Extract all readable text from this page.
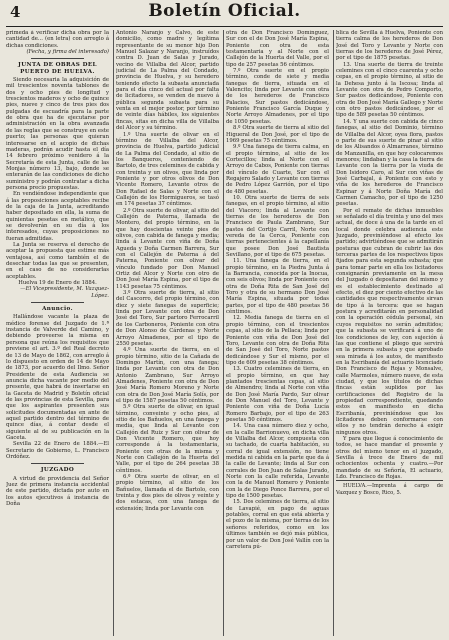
4	Boletín Oficial.

primeda á verificar dicha obra por la cantidad de... (en letra) con arreglo á dichas condiciones.

(Fecha, y firma del interesado)

JUNTA DE OBRAS DEL PUERTO DE HUELVA.

Siendo necesaria la adquisición de mil trescientos noventa tablones de dos y ocho pies de longitud y trescientos maderos y ocho de quince pies, nueve y cinco de tres pies dos pulgadas de escuadría para la parte de obra que ha de ejecutarse por administración en la obra avanzada de las reglas que se construye en este puerto; las personas que quieran interesarse en el acopio de dichas maderas, podrán acudir hasta el día 14 febrero próximo venidero á la Secretaría de esta Junta, calle de las Monjas número 13, bajo, donde se enterarán de las condiciones de dicho suministro y podrán contratar a dicha persona precio propuestas.

En vendiéndose independiente que á las proposiciones aceptables recibe de la caja de la Junta, acreditando haber depositado en ella, la suma de quinientas pesetas en metálico, que se devolverán en su día á los interesados, cuyas proposiciones no fueran admitidas.

La Junta se reserva el derecho de aceptar la propuesta que estime más ventajosa, así como también el de desechar todas las que se presenten, en el caso de no considerarlas aceptables.

Huelva 19 de Enero de 1884.

—El Vicepresidente, M. Vazquez-López.

Anuncio.

Hallándose vacante la plaza de médico forense del Juzgado de 1.ª instancia de Valverde del Camino, y debiendo proveerse la misma en persona que reúna los requisitos que previene el art. 3.º del Real decreto de 13 de Mayo de 1862, con arreglo á lo dispuesto en orden de 14 de Mayo de 1873, por acuerdo del Ilmo. Señor Presidente de esta Audiencia se anuncia dicha vacante por medio del presente, que habrá de insertarse en la Gaceta de Madrid y Boletín oficial de las provincias de esta Sevilla, para que los aspirantes presenten sus solicitudes documentadas en ante de aquel partido dentro del término de quince días, á contar desde el siguiente al de su publicación en la Gaceta.

Sevilla 22 de Enero de 1884.—El Secretario de Gobierno, L. Francisco Ordóñez.

JUZGADO

A virtud de providencia del Señor Juez de primera instancia accidental de este partido, dictada por auto en los autos ejecutivos á instancia de Doña

Antonio Naranjo y Calvo, de este domicilio, como madre y legítima representante de su menor hijo Don Manuel Salazar y Naranjo, instruídos contra D. Juan de Salas y Jurado, vecino de Villalba del Alcor, partido judicial de La Palma del Condado, provincia de Huelva, y su heredero teniendo efecto la subasta anunciada para el día cinco del actual por falta de licitadores, se venden de nuevo á pública segunda subasta para su venta en el mejor postor, por término de veinte días hábiles, los siguientes fincas, sitas en dicha villa de Villalba del Alcor y su término.

1.º Una suerte de olivar en el término de Villalba del Alcor, provincia de Huelva, partido judicial de La Palma del Condado, al sitio de los Banqueros, conteniendo de Bartolo, de tres celemines de cabida y con treinta y un olivos, que linda por Poniente y por otros olivos de Don Vicente Romero, Levante otros de Don Rafael de Salas y Norte con el Callejón de los Hormigueros, se tasó en 174 pesetas 37 céntimos.

2.º Otra suerte de olivar, al sitio del Callejón de Paterna, llamada de Montero, del propio término, en la que hay doscientas veinte pies de olivos, con cabida de fanega y media; linda á Levante con viña de Doña Agueda y Doña Carmen Barrera, Sur con el Callejón de Paterna á del Paterna, Poniente con olivar del vínculo fundado por Don Manuel Ortiz del Alcor y Norte con otro de Don José María Espina, por el tipo de 1143 pesetas 75 céntimos.

3.º Otra suerte de tierra, al sitio del Cascorro, del propio término, con diez y siete fanegas de superficie; linda por Levante con otra de Don José del Toro, Sur partoro Ferrocarril de los Carboneros, Poniente con otra de Don Alonso de Cárdenas y Norte Arroyo Almadenes, por el tipo de 2550 pesetas.

4.º Una suerte de tierra, en el propio término, sitio de la Cañada de Domingo Martín, con una fanega; linda por Levante con otra de Don Antonio Zambrano, Sur Arroyo Almadenes, Poniente con otra de Don José María Romero Moreno y Norte con otra de Don José María Solís, por el tipo de 1587 pesetas 50 céntimos.

5.º Otra suerte de olivar, en igual término, conveinte y ocho pies, al sitio de los Bañuelos, en una fanega y media, que linda al Levante con Callejón del Ruiz y Sur con olivar de Don Vicente Romero, que hoy corresponde á la testamentaria, Poniente con otras de la misma y Norte con Callejón de la Huerta del Valle, por el tipo de 264 pesetas 38 céntimos.

6.º Otra suerte de olivar, en el propio término, al sitio de los Bañuelos, llamada el de Bartolo, con treinta y dos pies de olivos y veinte y dos estacas, con una fanega de extensión; linda por Levante con

otra de Don Francisco Domínguez, Sur con el de Don José María Espina, Poniente con otra de esta testamentaria y al Norte con el Callejón de la Huerta del Valle, por el tipo de 257 pesetas 56 céntimos.

7.º Otra suerte en el propio término, conde de siete y media fanegas de tierra, situada en el Valencito; linda por Levante con otra de los herederos de Francisco Palacios, Sur pastos dedicándose, Poniente Francisco García Duque y Norte Arroyo Almadenes, por el tipo de 1050 pesetas.

8.º Otra suerte de tierra al sitio del Higueral de Don José, por el tipo de 1969 pesetas 75 céntimos.

9.º Una fanega de tierra calma, en el propio término, al sitio de los Cortecillos; linda al Norte con el Arroyo de Cabos, Poniente con tierras del vínculo de Cuarte, Sur con el Regajero Salado y Levante con tierras de Pedro López Garrión, por el tipo de 480 pesetas.

10. Otra suerte de tierra de seis fanegas, en el propio término, al sitio del Viacoro; linda al Levante con tierras de los herederos de Don Francisco de Paula Zambrano, Sur pastos del Cortijo Carril, Norte con vereda de la Cerca, Poniente con tierras pertenecientes á la capellanía que posee Don José Bautista Sevillano, por el tipo de 675 pesetas.

11. Una fanega de tierra, en el propio término, en la Piedra Junta á la Barrancia, conocida por la Inocua, con seis olivos; linda por Poniente con otra de Doña Rita de San José del Toro y otra de su hermano Don José María Espina, situada por todas partes, por el tipo de 480 pesetas 56 céntimos.

12. Media fanega de tierra en el propio término, con el trescientos cepas, al sitio de la Pellaca; linda por Poniente con viña de Don José del Toro, Levante con otra de Doña Rita de San José del Toro, Norte pastos dedicándose y Sur el mismo, por el tipo de 609 pesetas 38 céntimos.

13. Cuatro celemines de tierra, en el propio término, en que hay plantados trescientas cepas, al sitio de Almendro; linda al Norte con viña de Don José María Pardo, Sur olivar de Don Manuel del Toro, Levante y Poniente con viña de Doña Lucía Romero Barbajo, por el tipo de 263 pesetas 50 céntimos.

14. Una casa número diez y ocho, en la calle Barrionuevo, en dicha villa de Villalba del Alcor, compuesta con su tachado, de cuarta habitación, su corral de igual extensión, no tiene medida ni cabida en la parte que da á la calle de Levante; linda al Sur con corrales de Don Juan de Salas Jurado, Norte con la calle referida, Levante con la de Manuel Romero y Poniente con la de Diego Ponce Barrera, por el tipo de 1500 pesetas.

15. Dos celemines de tierra, al sitio de Lavapié, en pago de aguas potables, corral en que está abierta y el pozo de la misma, por tierras de los señores referidos, como en los últimos también se dejó más pública, por un valor de Don José Vallín con la carretera pú-

blica de Sevilla á Huelva, Poniente con tierra calma de los herederos de Don José del Toro y Levante y Norte con tierras de los herederos de José Pérez, por el tipo de 1875 pesetas.

13. Una suerte de tierra de treinte celemines con el cinco cuarenta y ocho cepas, en el propio término, al sitio de la Dehesa junto á la Iscosa; linda al Levante con otra de Pedro Comporto, Sur pastos dedicándose, Poniente con otra de Don José María Gallego y Norte con otro pastos dedicándose, por el tipo de 589 pesetas 50 céntimos.

14. Y una suerte con cabida de cinco fanegas, al sitio del Dominio, término de Villalba del Alcor, oyea flora, pastos o parte de sus suerte de pinar al sitio de los Alisandos ó Almarranes, término de Manzanilla, en que hoy colocaremos menores; lindaban y la casa la tierra de Levante con la tierra por la viuda de Don Isidoro Caro, al Sur con viñas de José Carbajal, á Poniente con esto y viña de los herederos de Francisco Espinar y á Norte Doña María del Carmen Camacho, por el tipo de 1250 pesetas.

Por el remate de dichas inmuebles se señalado el día treinta y uno del mes actual, de doce á una de la tarde en el local donde celebra audiencia este Juzgado, previniéndose al efecto los partido; advirtiéndose que se admitirán posturas que cubran de cubrir las dos terceras partes de los respectivos tipos fijados para esta segunda subasta; que para tomar parte en ella los licitadores consignarán previamente en la mesa del Juzgado ó depositaran del mismo y es el establecimiento destinado al efecto, el diez por ciento efectivo de las cantidades que respectivamente sirvan de tipo á la tercera: que se hagan postura y acreditarán en personalidad con la operación cédula personal, sin cuyos requisitos no serán admitidos; que la subasta se verificará á uno de los condiciones de ley, con sujeción á las que contiene el pliego que servirá en la primera subasta y que aprobado sea mirada á los autos, de manifiesto en la Escribanía del actuario licenciado Don Francisco de Rojas y Monsalve, calle Marmoles, número nueve, de esta ciudad, y que los títulos de dichas fincas están suplidos por las certificaciones del Registro de la propiedad correspondiente, quedando estos en manifiesto en dicha Escribanía, previniéndose que los licitadores deben conformarse con ellos y no tendrán derecho á exigir ningunos otros.

Y para que llegue á conocimiento de todos, se hace mandar el presente y otros del mismo tenor en el juzgado, Sevilla á trece de Enero de mil ochocientos ochenta y cuatro.—Por mandado de su Señoría, El actuario, Ldo. Francisco de Rojas.

HUELVA.—Imprenta á cargo de Vazquez y Bosco, Rico, 5.
